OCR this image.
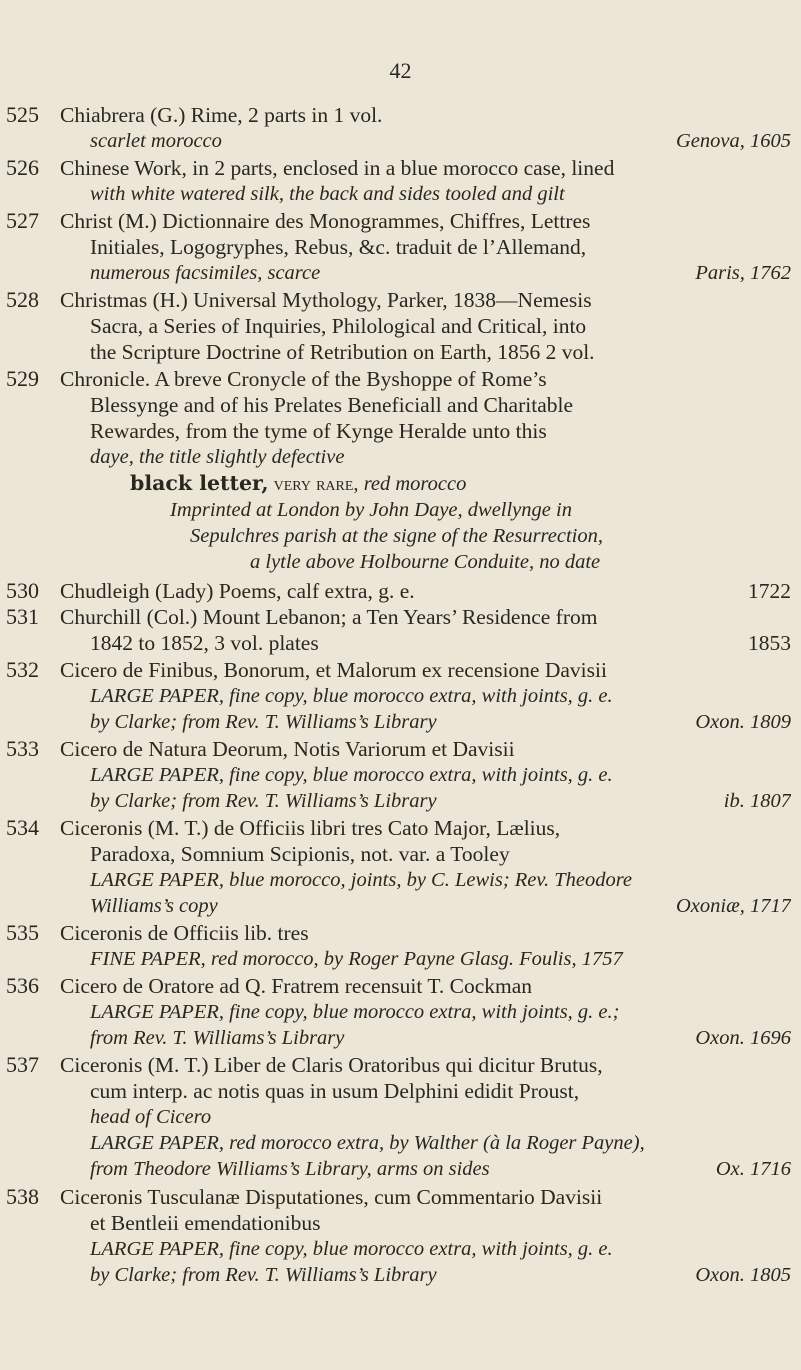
42
525 Chiabrera (G.) Rime, 2 parts in 1 vol.
scarlet morocco	Genova, 1605
526 Chinese Work, in 2 parts, enclosed in a blue morocco case, lined
with white watered silk, the back and sides tooled and gilt
527 Christ (M.) Dictionnaire des Monogrammes, Chiffres, Lettres
Initiales, Logogryphes, Rebus, &c. traduit de l’Allemand,
numerous facsimiles, scarce	Paris, 1762
528 Christmas (H.) Universal Mythology, Parker, 1838—Nemesis
Sacra, a Series of Inquiries, Philological and Critical, into
the Scripture Doctrine of Retribution on Earth, 1856 2 vol.
529 Chronicle. A breve Cronycle of the Byshoppe of Rome’s
Blessynge and of his Prelates Beneficiall and Charitable
Rewardes, from the tyme of Kynge Heralde unto this
daye, the title slightly defective
black letter, very rare, red morocco
Imprinted at London by John Daye, dwellynge in
Sepulchres parish at the signe of the Resurrection,
a lytle above Holbourne Conduite, no date
530 Chudleigh (Lady) Poems, calf extra, g. e.	1722
531 Churchill (Col.) Mount Lebanon; a Ten Years’ Residence from
1842 to 1852, 3 vol. plates	1853
532 Cicero de Finibus, Bonorum, et Malorum ex recensione Davisii
LARGE PAPER, fine copy, blue morocco extra, with joints, g. e.
by Clarke; from Rev. T. Williams’s Library	Oxon. 1809
533 Cicero de Natura Deorum, Notis Variorum et Davisii
LARGE PAPER, fine copy, blue morocco extra, with joints, g. e.
by Clarke; from Rev. T. Williams’s Library	ib. 1807
534 Ciceronis (M. T.) de Officiis libri tres Cato Major, Lælius,
Paradoxa, Somnium Scipionis, not. var. a Tooley
LARGE PAPER, blue morocco, joints, by C. Lewis; Rev. Theodore
Williams’s copy	Oxoniæ, 1717
535 Ciceronis de Officiis lib. tres
FINE PAPER, red morocco, by Roger Payne Glasg. Foulis, 1757
536 Cicero de Oratore ad Q. Fratrem recensuit T. Cockman
LARGE PAPER, fine copy, blue morocco extra, with joints, g. e.;
from Rev. T. Williams’s Library	Oxon. 1696
537 Ciceronis (M. T.) Liber de Claris Oratoribus qui dicitur Brutus,
cum interp. ac notis quas in usum Delphini edidit Proust,
head of Cicero
LARGE PAPER, red morocco extra, by Walther (à la Roger Payne),
from Theodore Williams’s Library, arms on sides	Ox. 1716
538 Ciceronis Tusculanæ Disputationes, cum Commentario Davisii
et Bentleii emendationibus
LARGE PAPER, fine copy, blue morocco extra, with joints, g. e.
by Clarke; from Rev. T. Williams’s Library	Oxon. 1805
